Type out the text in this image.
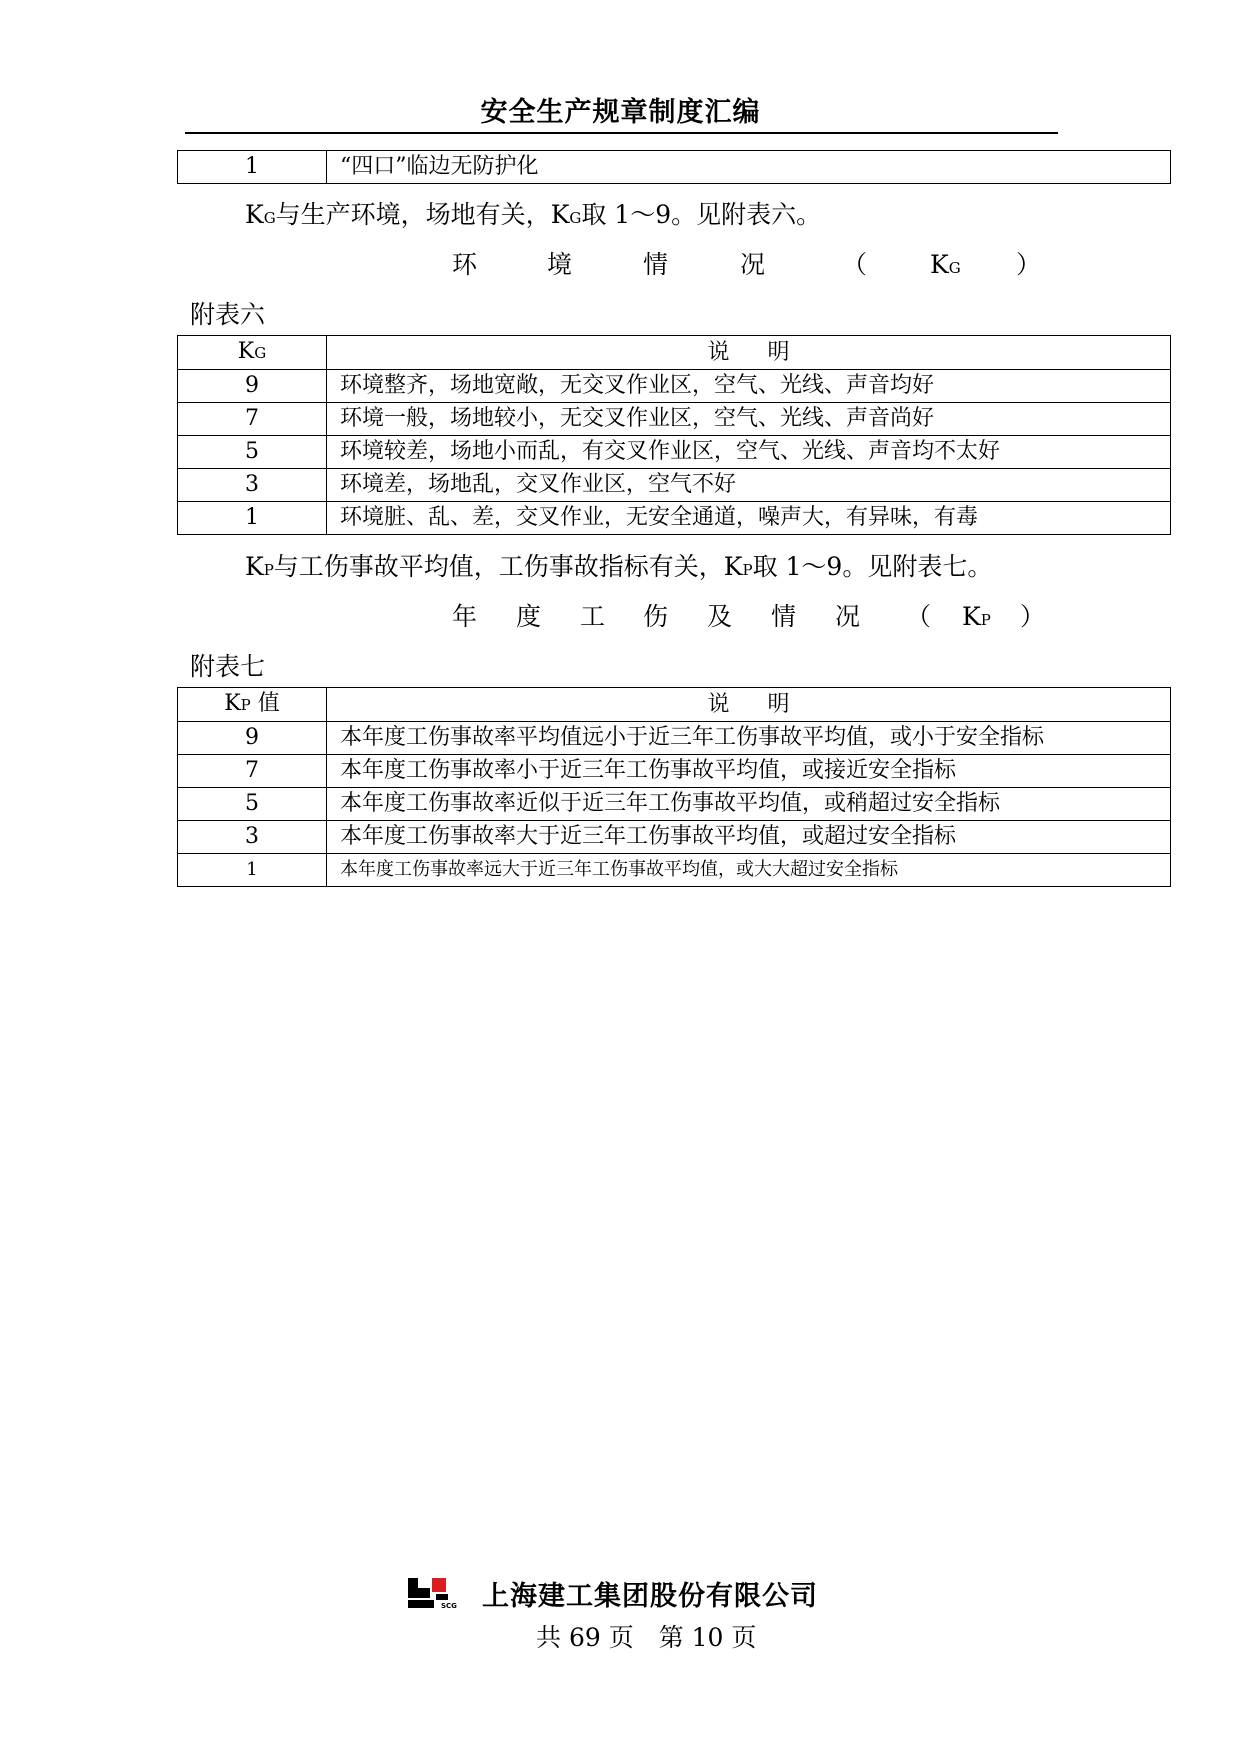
安全生产规章制度汇编
1	“四口”临边无防护化
KG与生产环境，场地有关，KG取 1～9。见附表六。
环	境	情	况	（	KG ）
附表六
KG	说明
9	环境整齐，场地宽敞，无交叉作业区，空气、光线、声音均好
7	环境一般，场地较小，无交叉作业区，空气、光线、声音尚好
5	环境较差，场地小而乱，有交叉作业区，空气、光线、声音均不太好
3	环境差，场地乱，交叉作业区，空气不好
1	环境脏、乱、差，交叉作业，无安全通道，噪声大，有异味，有毒
KP与工伤事故平均值，工伤事故指标有关，KP取 1～9。见附表七。
年 度 工 伤 及 情 况 （ KP ）
附表七
KP 值	说明
9	本年度工伤事故率平均值远小于近三年工伤事故平均值，或小于安全指标
7	本年度工伤事故率小于近三年工伤事故平均值，或接近安全指标
5	本年度工伤事故率近似于近三年工伤事故平均值，或稍超过安全指标
3	本年度工伤事故率大于近三年工伤事故平均值，或超过安全指标
1	本年度工伤事故率远大于近三年工伤事故平均值，或大大超过安全指标
SCG 上海建工集团股份有限公司
共 69 页　第 10 页
